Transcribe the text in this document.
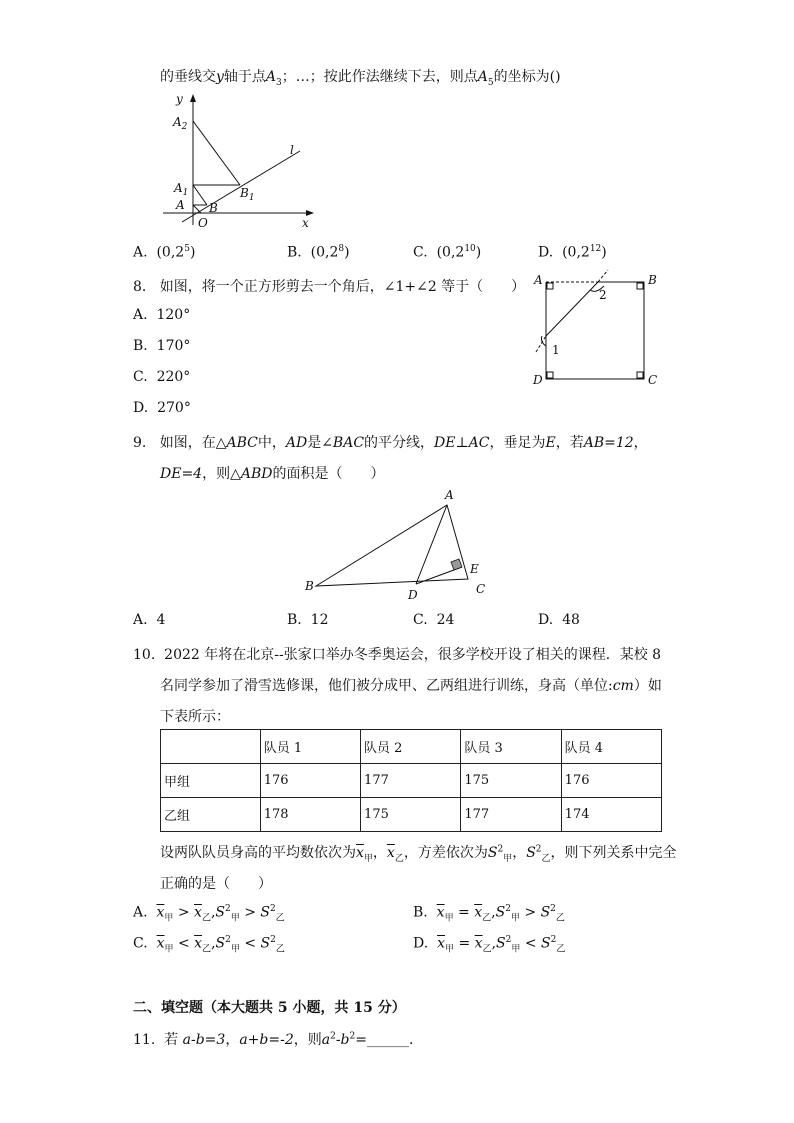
的垂线交y轴于点$A_3$；…；按此作法继续下去，则点$A_5$的坐标为()
y
x
l
$A_2$
$A_1$	$B_1$
B
A
O
A. $(0,2^5)$	B. $(0,2^8)$	C. $(0,2^{10})$	D. $(0,2^{12})$
8. 如图，将一个正方形剪去一个角后，∠1+∠2 等于（　　）
A. 120°
B. 170°
C. 220°
D. 270°
A	B
C
D
1
2
9. 如图，在△ABC中，AD是∠BAC的平分线，DE⊥AC，垂足为E，若AB=12，
DE=4，则△ABD的面积是（　　）
A
B	C
D
E
A. 4	B. 12	C. 24	D. 48
10. 2022 年将在北京--张家口举办冬季奥运会，很多学校开设了相关的课程．某校 8
名同学参加了滑雪选修课，他们被分成甲、乙两组进行训练，身高（单位:cm）如
下表所示：
	队员 1	队员 2	队员 3	队员 4
甲组	176	177	175	176
乙组	178	175	177	174
设两队队员身高的平均数依次为$\overline{x}_甲$，$\overline{x}_乙$，方差依次为$S^2_甲$，$S^2_乙$，则下列关系中完全
正确的是（　　）
A. $\overline{x}_甲 > \overline{x}_乙,S^2_甲 > S^2_乙$	B. $\overline{x}_甲 = \overline{x}_乙,S^2_甲 > S^2_乙$
C. $\overline{x}_甲 < \overline{x}_乙,S^2_甲 < S^2_乙$	D. $\overline{x}_甲 = \overline{x}_乙,S^2_甲 < S^2_乙$
二、填空题（本大题共 5 小题，共 15 分）
11. 若 a-b=3，a+b=-2，则$a^2-b^2=\_\_\_\_\_\_$．
